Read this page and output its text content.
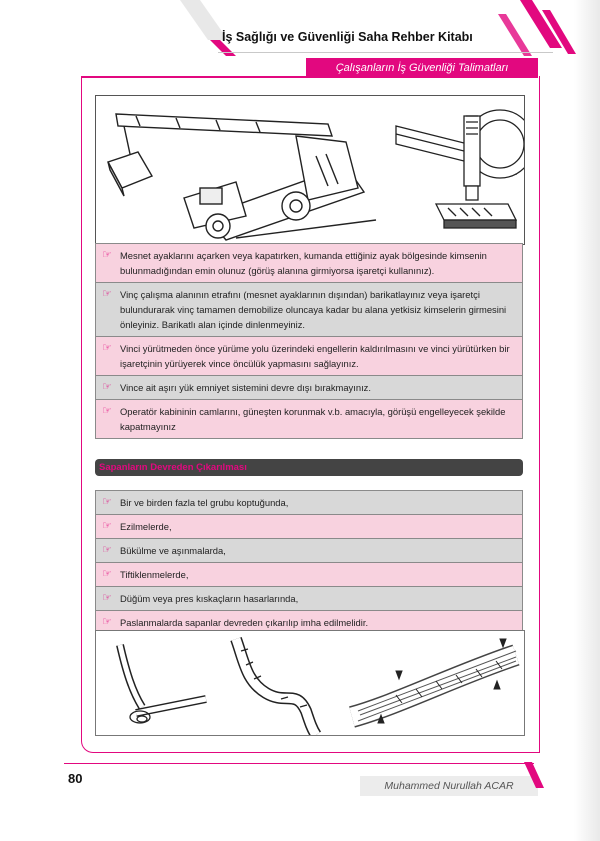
İş Sağlığı ve Güvenliği Saha Rehber Kitabı
Çalışanların İş Güvenliği Talimatları
☞ Mesnet ayaklarını açarken veya kapatırken, kumanda ettiğiniz ayak bölgesinde kimsenin bulunmadığından emin olunuz (görüş alanına girmiyorsa işaretçi kullanınız).
☞ Vinç çalışma alanının etrafını (mesnet ayaklarının dışından) barikatlayınız veya işaretçi bulundurarak vinç tamamen demobilize oluncaya kadar bu alana yetkisiz kimselerin girmesini önleyiniz. Barikatlı alan içinde dinlenmeyiniz.
☞ Vinci yürütmeden önce yürüme yolu üzerindeki engellerin kaldırılmasını ve vinci yürütürken bir işaretçinin yürüyerek vince öncülük yapmasını sağlayınız.
☞ Vince ait aşırı yük emniyet sistemini devre dışı bırakmayınız.
☞ Operatör kabininin camlarını, güneşten korunmak v.b. amacıyla, görüşü engelleyecek şekilde kapatmayınız
Sapanların Devreden Çıkarılması
☞ Bir ve birden fazla tel grubu koptuğunda,
☞ Ezilmelerde,
☞ Bükülme ve aşınmalarda,
☞ Tiftiklenmelerde,
☞ Düğüm veya pres kıskaçların hasarlarında,
☞ Paslanmalarda sapanlar devreden çıkarılıp imha edilmelidir.
80	Muhammed Nurullah ACAR
